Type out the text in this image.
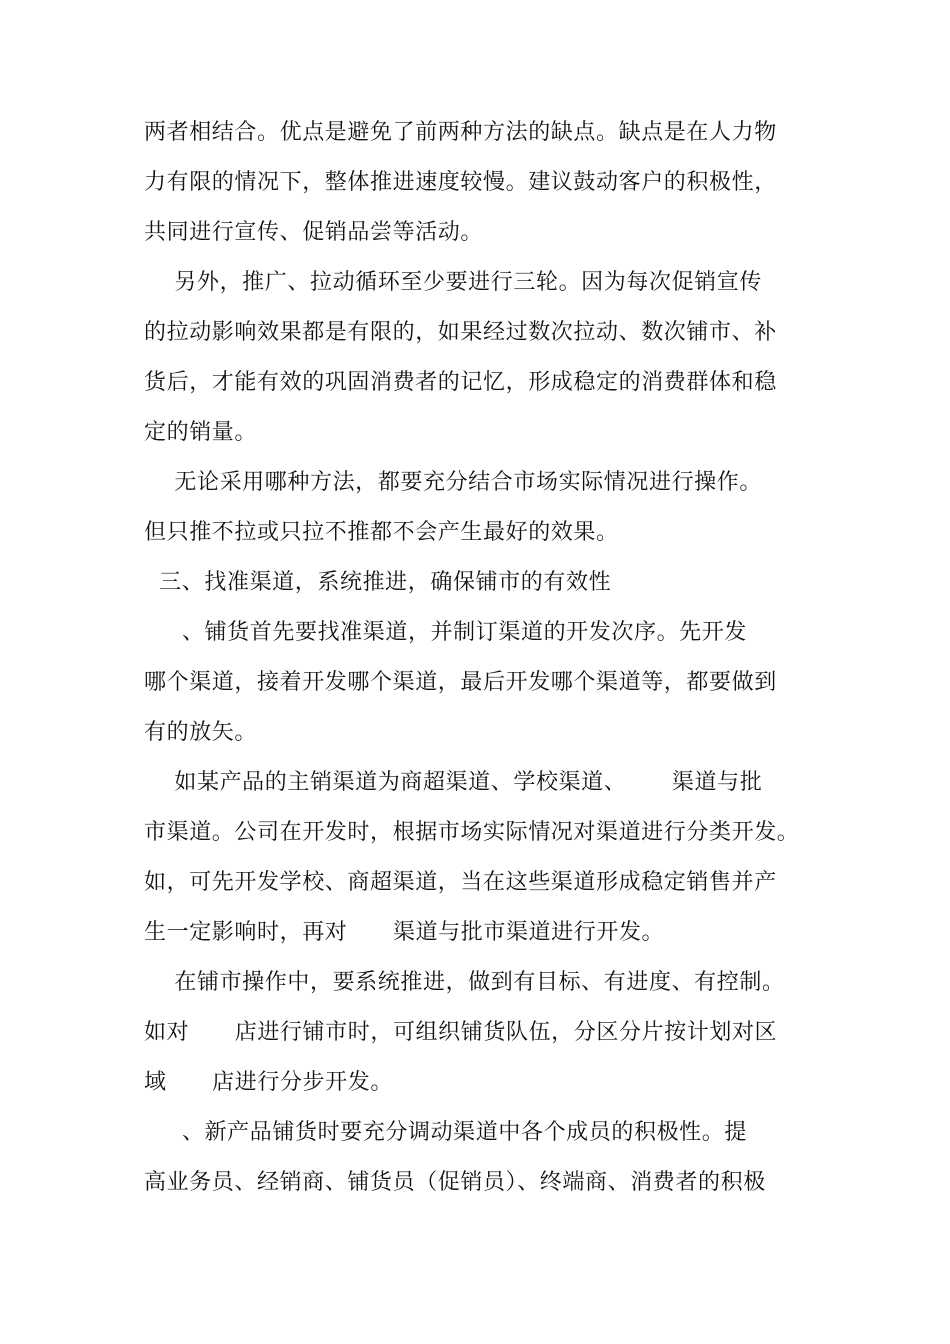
两者相结合。优点是避免了前两种方法的缺点。缺点是在人力物
力有限的情况下，整体推进速度较慢。建议鼓动客户的积极性，
共同进行宣传、促销品尝等活动。
另外，推广、拉动循环至少要进行三轮。因为每次促销宣传
的拉动影响效果都是有限的，如果经过数次拉动、数次铺市、补
货后，才能有效的巩固消费者的记忆，形成稳定的消费群体和稳
定的销量。
无论采用哪种方法，都要充分结合市场实际情况进行操作。
但只推不拉或只拉不推都不会产生最好的效果。
三、找准渠道，系统推进，确保铺市的有效性
、铺货首先要找准渠道，并制订渠道的开发次序。先开发
哪个渠道，接着开发哪个渠道，最后开发哪个渠道等，都要做到
有的放矢。
如某产品的主销渠道为商超渠道、学校渠道、      渠道与批
市渠道。公司在开发时，根据市场实际情况对渠道进行分类开发。
如，可先开发学校、商超渠道，当在这些渠道形成稳定销售并产
生一定影响时，再对      渠道与批市渠道进行开发。
在铺市操作中，要系统推进，做到有目标、有进度、有控制。
如对      店进行铺市时，可组织铺货队伍，分区分片按计划对区
域      店进行分步开发。
、新产品铺货时要充分调动渠道中各个成员的积极性。提
高业务员、经销商、铺货员（促销员）、终端商、消费者的积极
